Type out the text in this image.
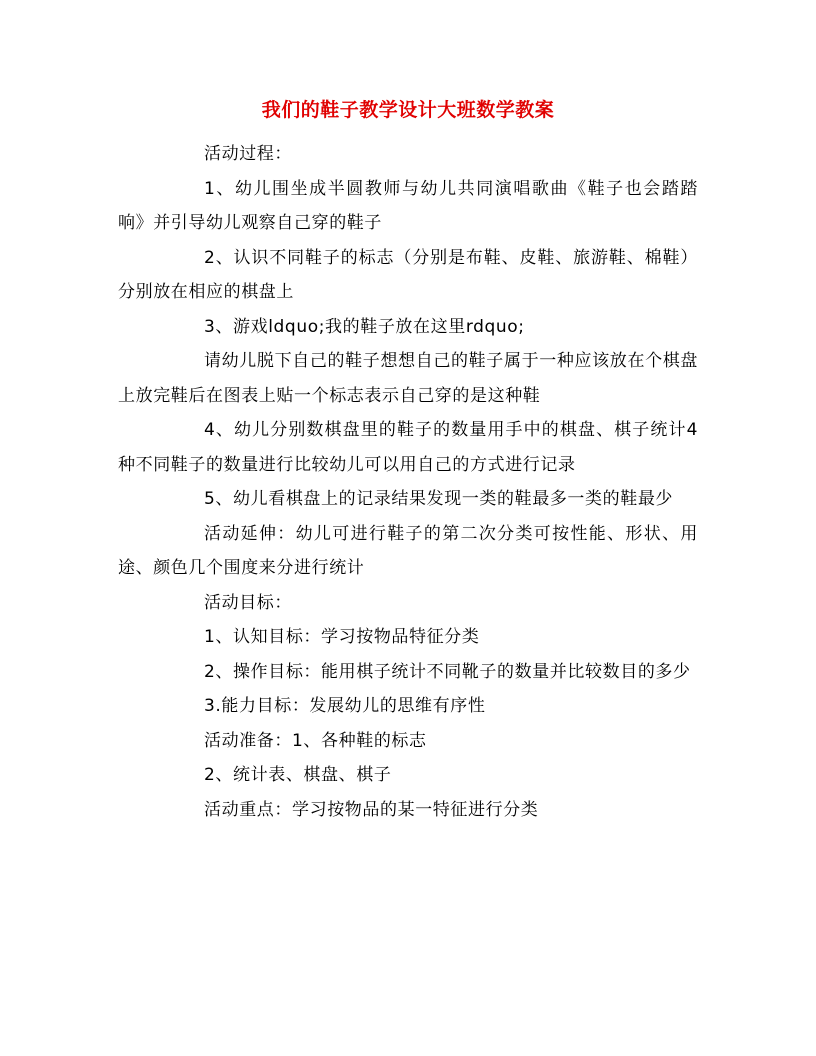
我们的鞋子教学设计大班数学教案

活动过程：

1、幼儿围坐成半圆教师与幼儿共同演唱歌曲《鞋子也会踏踏响》并引导幼儿观察自己穿的鞋子

2、认识不同鞋子的标志（分别是布鞋、皮鞋、旅游鞋、棉鞋）分别放在相应的棋盘上

3、游戏ldquo;我的鞋子放在这里rdquo;

请幼儿脱下自己的鞋子想想自己的鞋子属于一种应该放在个棋盘上放完鞋后在图表上贴一个标志表示自己穿的是这种鞋

4、幼儿分别数棋盘里的鞋子的数量用手中的棋盘、棋子统计4种不同鞋子的数量进行比较幼儿可以用自己的方式进行记录

5、幼儿看棋盘上的记录结果发现一类的鞋最多一类的鞋最少

活动延伸：幼儿可进行鞋子的第二次分类可按性能、形状、用途、颜色几个围度来分进行统计

活动目标：

1、认知目标：学习按物品特征分类

2、操作目标：能用棋子统计不同靴子的数量并比较数目的多少

3.能力目标：发展幼儿的思维有序性

活动准备：1、各种鞋的标志

2、统计表、棋盘、棋子

活动重点：学习按物品的某一特征进行分类
